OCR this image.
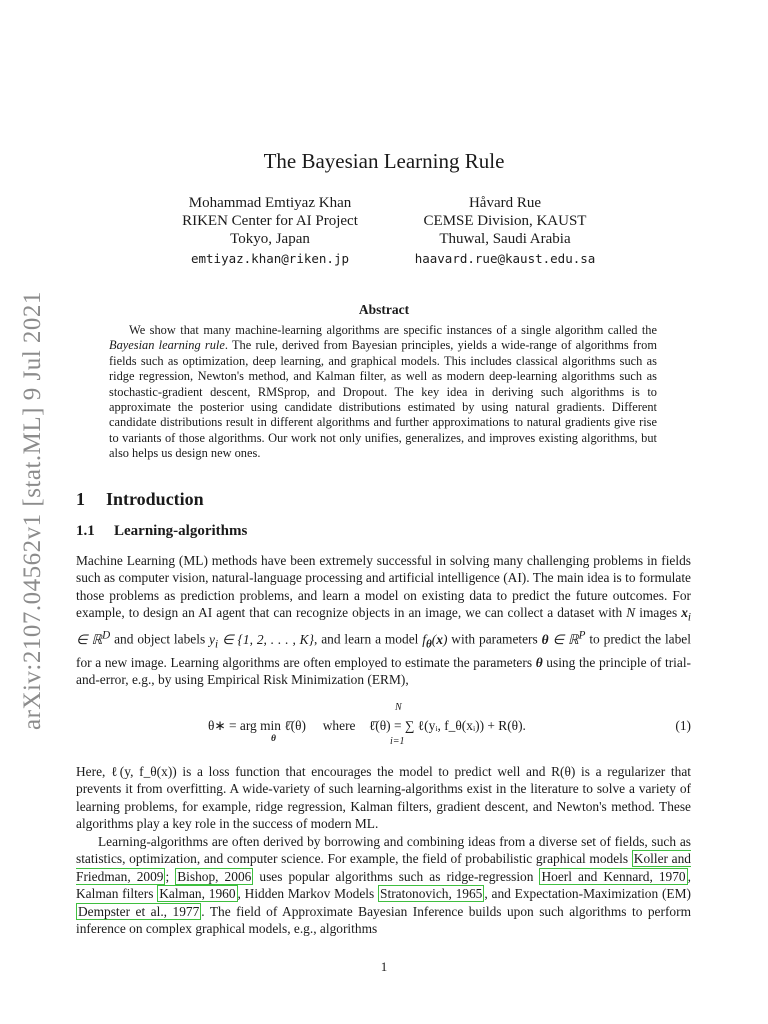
arXiv:2107.04562v1 [stat.ML] 9 Jul 2021
The Bayesian Learning Rule
Mohammad Emtiyaz Khan
RIKEN Center for AI Project
Tokyo, Japan
emtiyaz.khan@riken.jp
Håvard Rue
CEMSE Division, KAUST
Thuwal, Saudi Arabia
haavard.rue@kaust.edu.sa
Abstract
We show that many machine-learning algorithms are specific instances of a single algorithm called the Bayesian learning rule. The rule, derived from Bayesian principles, yields a wide-range of algorithms from fields such as optimization, deep learning, and graphical models. This includes classical algorithms such as ridge regression, Newton's method, and Kalman filter, as well as modern deep-learning algorithms such as stochastic-gradient descent, RMSprop, and Dropout. The key idea in deriving such algorithms is to approximate the posterior using candidate distributions estimated by using natural gradients. Different candidate distributions result in different algorithms and further approximations to natural gradients give rise to variants of those algorithms. Our work not only unifies, generalizes, and improves existing algorithms, but also helps us design new ones.
1 Introduction
1.1 Learning-algorithms
Machine Learning (ML) methods have been extremely successful in solving many challenging problems in fields such as computer vision, natural-language processing and artificial intelligence (AI). The main idea is to formulate those problems as prediction problems, and learn a model on existing data to predict the future outcomes. For example, to design an AI agent that can recognize objects in an image, we can collect a dataset with N images $x_i$ ∈ ℝ$^D$ and object labels $y_i$ ∈ {1, 2, . . . , K}, and learn a model $f_\theta(x)$ with parameters θ ∈ ℝ$^P$ to predict the label for a new image. Learning algorithms are often employed to estimate the parameters θ using the principle of trial-and-error, e.g., by using Empirical Risk Minimization (ERM),
N
θ∗ = arg min ℓ̄(θ) where ℓ̄(θ) = ∑ ℓ(yᵢ, f_θ(xᵢ)) + R(θ).
θ	i=1
(1)
Here, ℓ(y, f_θ(x)) is a loss function that encourages the model to predict well and R(θ) is a regularizer that prevents it from overfitting. A wide-variety of such learning-algorithms exist in the literature to solve a variety of learning problems, for example, ridge regression, Kalman filters, gradient descent, and Newton's method. These algorithms play a key role in the success of modern ML.
Learning-algorithms are often derived by borrowing and combining ideas from a diverse set of fields, such as statistics, optimization, and computer science. For example, the field of probabilistic graphical models Koller and Friedman, 2009 ; Bishop, 2006 uses popular algorithms such as ridge-regression Hoerl and Kennard, 1970 , Kalman filters Kalman, 1960 , Hidden Markov Models Stratonovich, 1965 , and Expectation-Maximization (EM) Dempster et al., 1977 . The field of Approximate Bayesian Inference builds upon such algorithms to perform inference on complex graphical models, e.g., algorithms
1
